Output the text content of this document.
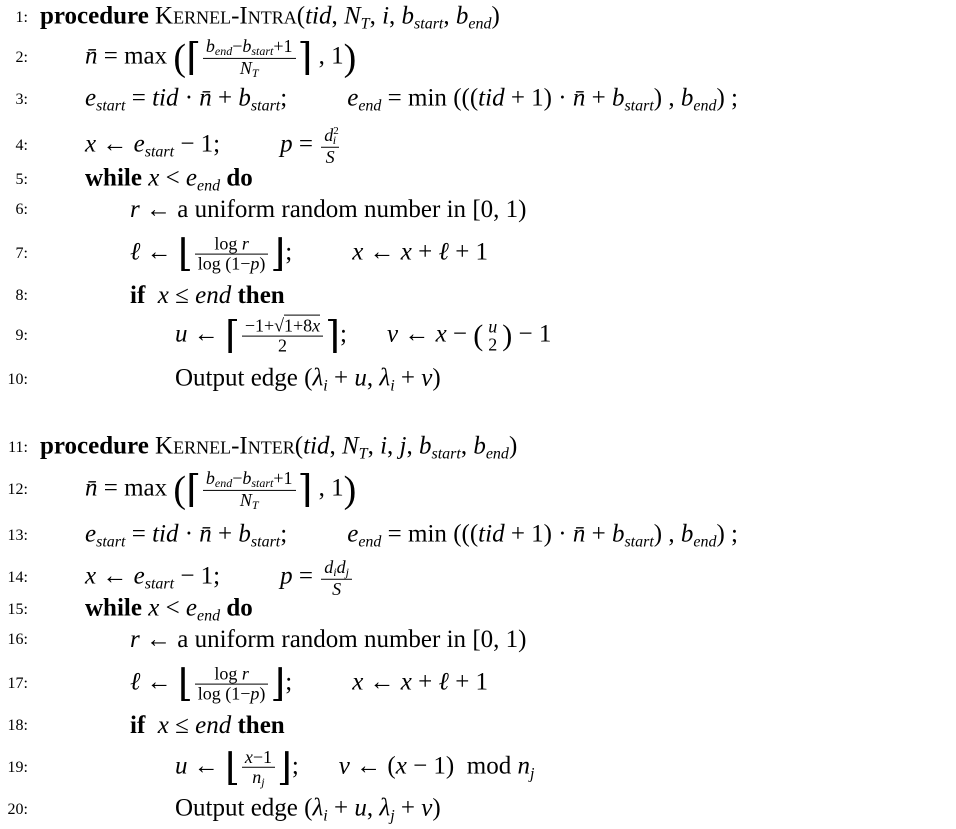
1: procedure Kernel-Intra(tid, $N_T$, i, $b_{start}$, $b_{end}$)
2: n̄ = max (⌈ $\frac{b_{end}-b_{start}+1}{N_T}$ ⌉ , 1)
3: $e_{start}$ = tid · n̄ + $b_{start}$; $e_{end} = \min (((tid + 1)$ · n̄ + $b_{start}$) , $b_{end}$) ;
4: x ← $e_{start} - 1$; $p = \frac{d^2_i}{S}$
5: while $x < e_{end}$ do
6:	r ← a uniform random number in [0, 1)
7:	ℓ ← ⌊ $\frac{\text{log r}}{\log (1-p)}$ ⌋; x ← x + ℓ + 1
8:	if x ≤ end then
9:	u ← ⌈ $\frac{-1+√1+8x}{2}$ ⌉; v ← x − ( u
2 ) − 1
10:	Output edge ($\lambda_i + u$, $\lambda_i + v$)
11: procedure Kernel-Inter(tid, $N_T$, i, j, $b_{start}$, $b_{end}$)
12: n̄ = max (⌈ $\frac{b_{end}-b_{start}+1}{N_T}$ ⌉ , 1)
13: $e_{start}$ = tid · n̄ + $b_{start}$; $e_{end} = \min (((tid + 1)$ · n̄ + $b_{start}$) , $b_{end}$) ;
14: x ← $e_{start} - 1$; $p = \frac{d_id_j}{S}$
15: while $x < e_{end}$ do
16:	r ← a uniform random number in [0, 1)
17:	ℓ ← ⌊ $\frac{\text{log r}}{\log (1-p)}$ ⌋; x ← x + ℓ + 1
18:	if x ≤ end then
19:	u ← ⌊ $\frac{x-1}{n_j}$ ⌋; v ← (x − 1)  mod $n_j$
20:	Output edge ($\lambda_i + u$, $\lambda_j + v$)
